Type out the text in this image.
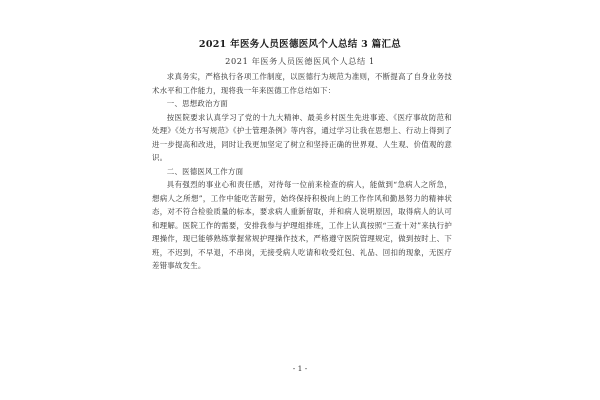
2021 年医务人员医德医风个人总结 3 篇汇总
2021 年医务人员医德医风个人总结 1

求真务实，严格执行各项工作制度，以医德行为规范为准则，不断提高了自身业务技术水平和工作能力，现将我一年来医德工作总结如下：

一、思想政治方面

按医院要求认真学习了党的十九大精神、最美乡村医生先进事迹、《医疗事故防范和处理》《处方书写规范》《护士管理条例》等内容，通过学习让我在思想上、行动上得到了进一步提高和改进，同时让我更加坚定了树立和坚持正确的世界观、人生观、价值观的意识。

二、医德医风工作方面

具有强烈的事业心和责任感，对待每一位前来检查的病人，能做到“急病人之所急，想病人之所想”，工作中能吃苦耐劳，始终保持积极向上的工作作风和勤恳努力的精神状态，对不符合检验质量的标本，要求病人重新留取，并和病人说明原因，取得病人的认可和理解。医院工作的需要，安排我参与护理组排班，工作上认真按照“三查十对”来执行护理操作，现已能够熟练掌握常规护理操作技术，严格遵守医院管理规定，做到按时上、下班，不迟到，不早退，不串岗，无接受病人吃请和收受红包、礼品、回扣的现象，无医疗差错事故发生。

- 1 -
